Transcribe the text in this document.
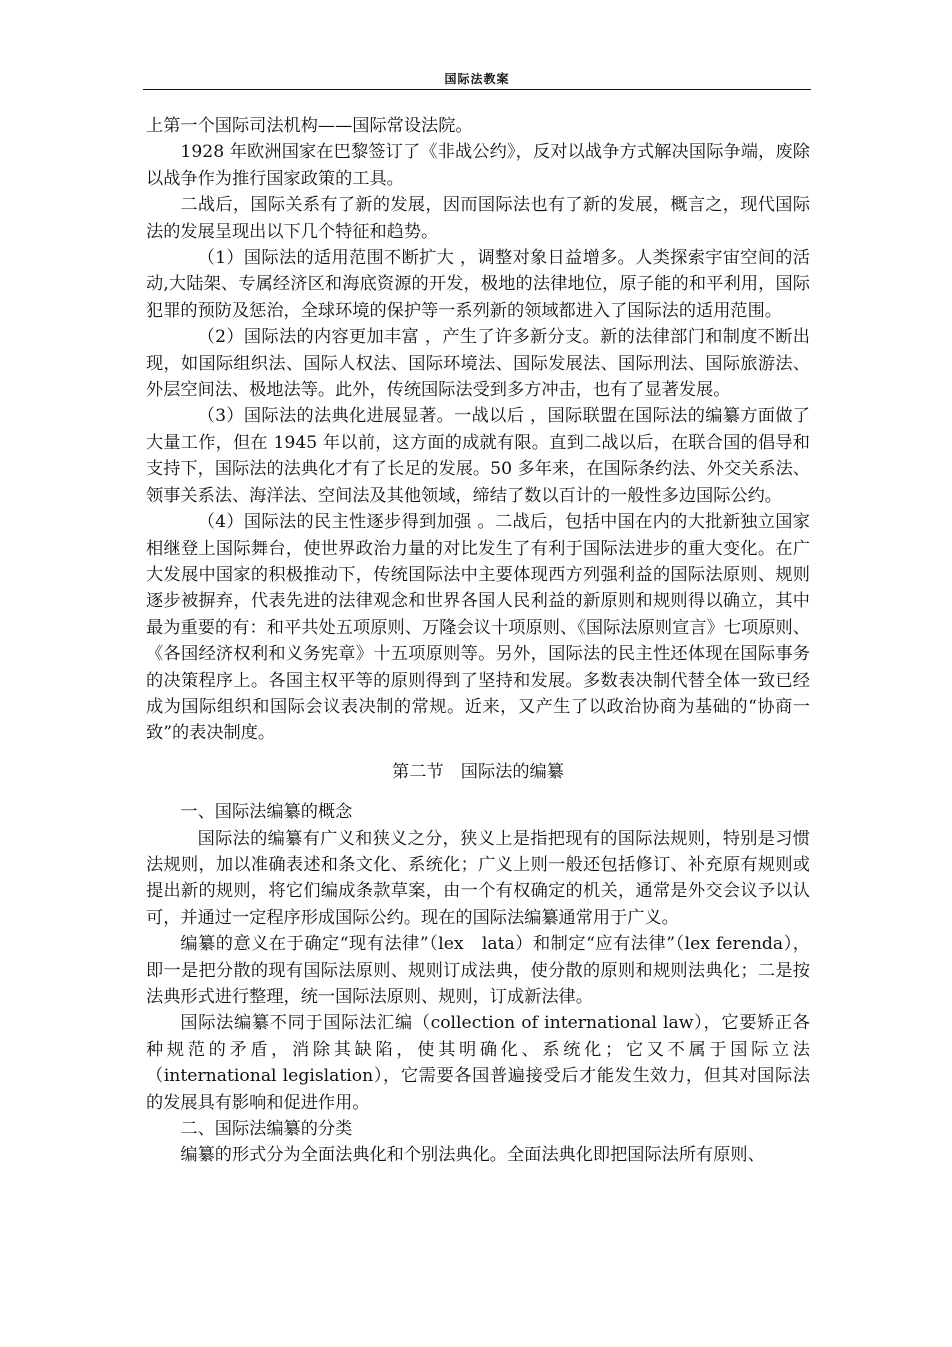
国际法教案

上第一个国际司法机构——国际常设法院。

1928 年欧洲国家在巴黎签订了《非战公约》，反对以战争方式解决国际争端，废除以战争作为推行国家政策的工具。

二战后，国际关系有了新的发展，因而国际法也有了新的发展，概言之，现代国际法的发展呈现出以下几个特征和趋势。

（1）国际法的适用范围不断扩大 ，调整对象日益增多。人类探索宇宙空间的活动,大陆架、专属经济区和海底资源的开发，极地的法律地位，原子能的和平利用，国际犯罪的预防及惩治，全球环境的保护等一系列新的领域都进入了国际法的适用范围。

（2）国际法的内容更加丰富 ，产生了许多新分支。新的法律部门和制度不断出现，如国际组织法、国际人权法、国际环境法、国际发展法、国际刑法、国际旅游法、外层空间法、极地法等。此外，传统国际法受到多方冲击，也有了显著发展。

（3）国际法的法典化进展显著。一战以后 ，国际联盟在国际法的编纂方面做了大量工作，但在 1945 年以前，这方面的成就有限。直到二战以后，在联合国的倡导和支持下，国际法的法典化才有了长足的发展。50 多年来，在国际条约法、外交关系法、领事关系法、海洋法、空间法及其他领域，缔结了数以百计的一般性多边国际公约。

（4）国际法的民主性逐步得到加强 。二战后，包括中国在内的大批新独立国家相继登上国际舞台，使世界政治力量的对比发生了有利于国际法进步的重大变化。在广大发展中国家的积极推动下，传统国际法中主要体现西方列强利益的国际法原则、规则逐步被摒弃，代表先进的法律观念和世界各国人民利益的新原则和规则得以确立，其中最为重要的有：和平共处五项原则、万隆会议十项原则、《国际法原则宣言》七项原则、《各国经济权利和义务宪章》十五项原则等。另外，国际法的民主性还体现在国际事务的决策程序上。各国主权平等的原则得到了坚持和发展。多数表决制代替全体一致已经成为国际组织和国际会议表决制的常规。近来，又产生了以政治协商为基础的“协商一致”的表决制度。

第二节　国际法的编纂

一、国际法编纂的概念

国际法的编纂有广义和狭义之分，狭义上是指把现有的国际法规则，特别是习惯法规则，加以准确表述和条文化、系统化；广义上则一般还包括修订、补充原有规则或提出新的规则，将它们编成条款草案，由一个有权确定的机关，通常是外交会议予以认可，并通过一定程序形成国际公约。现在的国际法编纂通常用于广义。

编纂的意义在于确定“现有法律”（lex　lata）和制定“应有法律”（lex ferenda），即一是把分散的现有国际法原则、规则订成法典，使分散的原则和规则法典化；二是按法典形式进行整理，统一国际法原则、规则，订成新法律。

国际法编纂不同于国际法汇编（collection of international law），它要矫正各种规范的矛盾，消除其缺陷，使其明确化、系统化；它又不属于国际立法（international legislation），它需要各国普遍接受后才能发生效力，但其对国际法的发展具有影响和促进作用。

二、国际法编纂的分类

编纂的形式分为全面法典化和个别法典化。全面法典化即把国际法所有原则、
